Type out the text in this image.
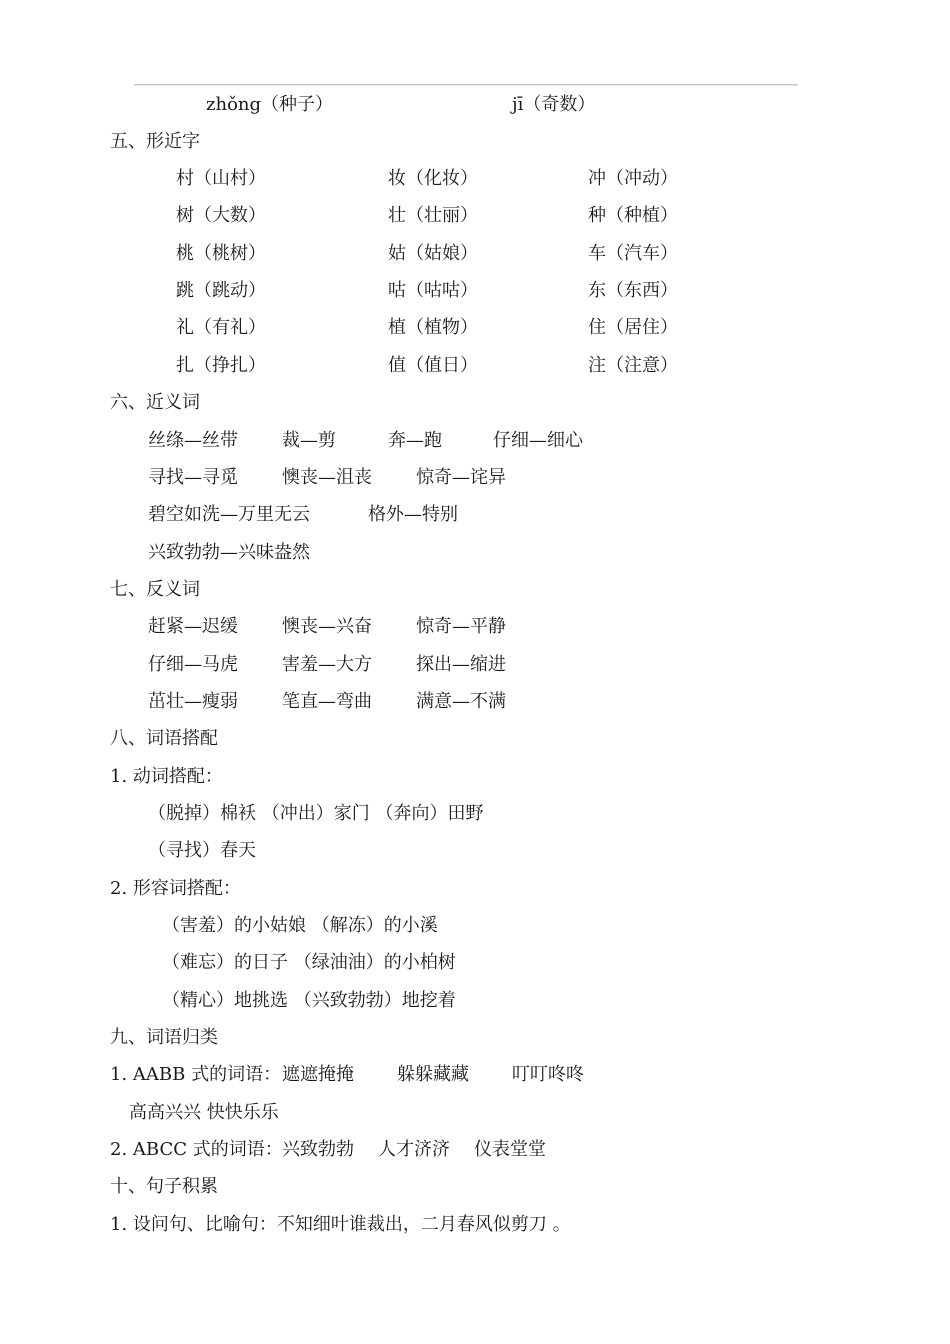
zhǒng（种子）	jī（奇数）
五、形近字
村（山村）	妆（化妆）	冲（冲动）
树（大数）	壮（壮丽）	种（种植）
桃（桃树）	姑（姑娘）	车（汽车）
跳（跳动）	咕（咕咕）	东（东西）
礼（有礼）	植（植物）	住（居住）
扎（挣扎）	值（值日）	注（注意）
六、近义词
丝绦—丝带 裁—剪	奔—跑	仔细—细心
寻找—寻觅 懊丧—沮丧 惊奇—诧异
碧空如洗—万里无云	格外—特别
兴致勃勃—兴味盎然
七、反义词
赶紧—迟缓 懊丧—兴奋 惊奇—平静
仔细—马虎 害羞—大方 探出—缩进
茁壮—瘦弱 笔直—弯曲 满意—不满
八、词语搭配
1. 动词搭配：
（脱掉）棉袄 （冲出）家门 （奔向）田野
（寻找）春天
2. 形容词搭配：
（害羞）的小姑娘 （解冻）的小溪
（难忘）的日子 （绿油油）的小柏树
（精心）地挑选 （兴致勃勃）地挖着
九、词语归类
1. AABB 式的词语： 遮遮掩掩 躲躲藏藏 叮叮咚咚
高高兴兴 快快乐乐
2. ABCC 式的词语： 兴致勃勃 人才济济 仪表堂堂
十、句子积累
1. 设问句、比喻句：不知细叶谁裁出，二月春风似剪刀 。
